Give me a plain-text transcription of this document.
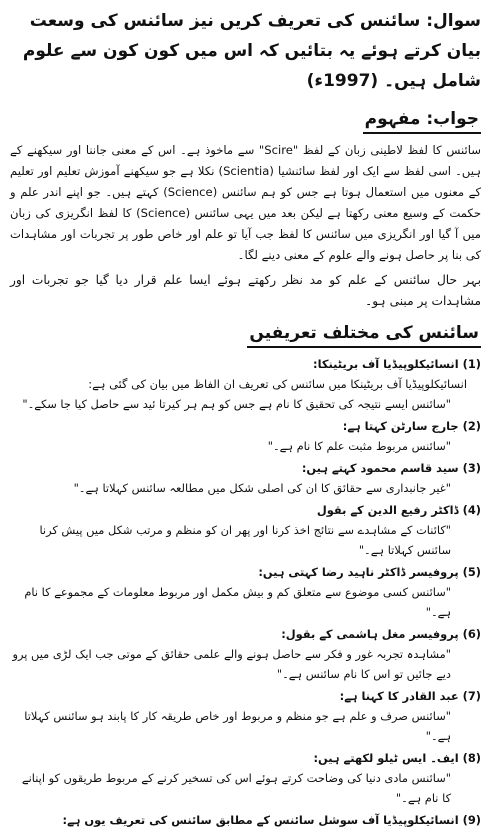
سوال: سائنس کی تعریف کریں نیز سائنس کی وسعت بیان کرتے ہوئے یہ بتائیں کہ اس میں کون کون سے علوم شامل ہیں۔ (1997ء)

جواب: مفہوم

سائنس کا لفظ لاطینی زبان کے لفظ "Scire" سے ماخوذ ہے۔ اس کے معنی جاننا اور سیکھنے کے ہیں۔ اسی لفظ سے ایک اور لفظ سائنشیا (Scientia) نکلا ہے جو سیکھنے آموزش تعلیم اور تعلیم کے معنوں میں استعمال ہوتا ہے جس کو ہم سائنس (Science) کہتے ہیں۔ جو اپنے اندر علم و حکمت کے وسیع معنی رکھتا ہے لیکن بعد میں یہی سائنس (Science) کا لفظ انگریزی کی زبان میں آ گیا اور انگریزی میں سائنس کا لفظ جب آیا تو علم اور خاص طور پر تجربات اور مشاہدات کی بنا پر حاصل ہونے والے علوم کے معنی دینے لگا۔

بہر حال سائنس کے علم کو مد نظر رکھتے ہوئے ایسا علم قرار دیا گیا جو تجربات اور مشاہدات پر مبنی ہو۔

سائنس کی مختلف تعریفیں
(1)انسائیکلوپیڈیا آف بریٹینکا:
انسائیکلوپیڈیا آف بریٹینکا میں سائنس کی تعریف ان الفاظ میں بیان کی گئی ہے:
"سائنس ایسے نتیجہ کی تحقیق کا نام ہے جس کو ہم ہر کیرتا ئید سے حاصل کیا جا سکے۔"
(2)جارج سارٹن کہتا ہے:
"سائنس مربوط مثبت علم کا نام ہے۔"
(3)سید قاسم محمود کہتے ہیں:
"غیر جانبداری سے حقائق کا ان کی اصلی شکل میں مطالعہ سائنس کہلاتا ہے۔"
(4)ڈاکٹر رفیع الدین کے بقول
"کائنات کے مشاہدے سے نتائج اخذ کرنا اور پھر ان کو منظم و مرتب شکل میں پیش کرنا سائنس کہلاتا ہے۔"
(5)پروفیسر ڈاکٹر ناہید رضا کہتی ہیں:
"سائنس کسی موضوع سے متعلق کم و بیش مکمل اور مربوط معلومات کے مجموعے کا نام ہے۔"
(6)پروفیسر مغل ہاشمی کے بقول:
"مشاہدہ تجربہ غور و فکر سے حاصل ہونے والے علمی حقائق کے موتی جب ایک لڑی میں پرو دیے جائیں تو اس کا نام سائنس ہے۔"
(7)عبد القادر کا کہنا ہے:
"سائنس صرف و علم ہے جو منظم و مربوط اور خاص طریقہ کار کا پابند ہو سائنس کہلاتا ہے۔"
(8)ایف۔ ایس ٹیلو لکھتے ہیں:
"سائنس مادی دنیا کی وضاحت کرتے ہوئے اس کی تسخیر کرنے کے مربوط طریقوں کو اپنانے کا نام ہے۔"
(9)انسائیکلوپیڈیا آف سوشل سائنس کے مطابق سائنس کی تعریف یوں ہے:
